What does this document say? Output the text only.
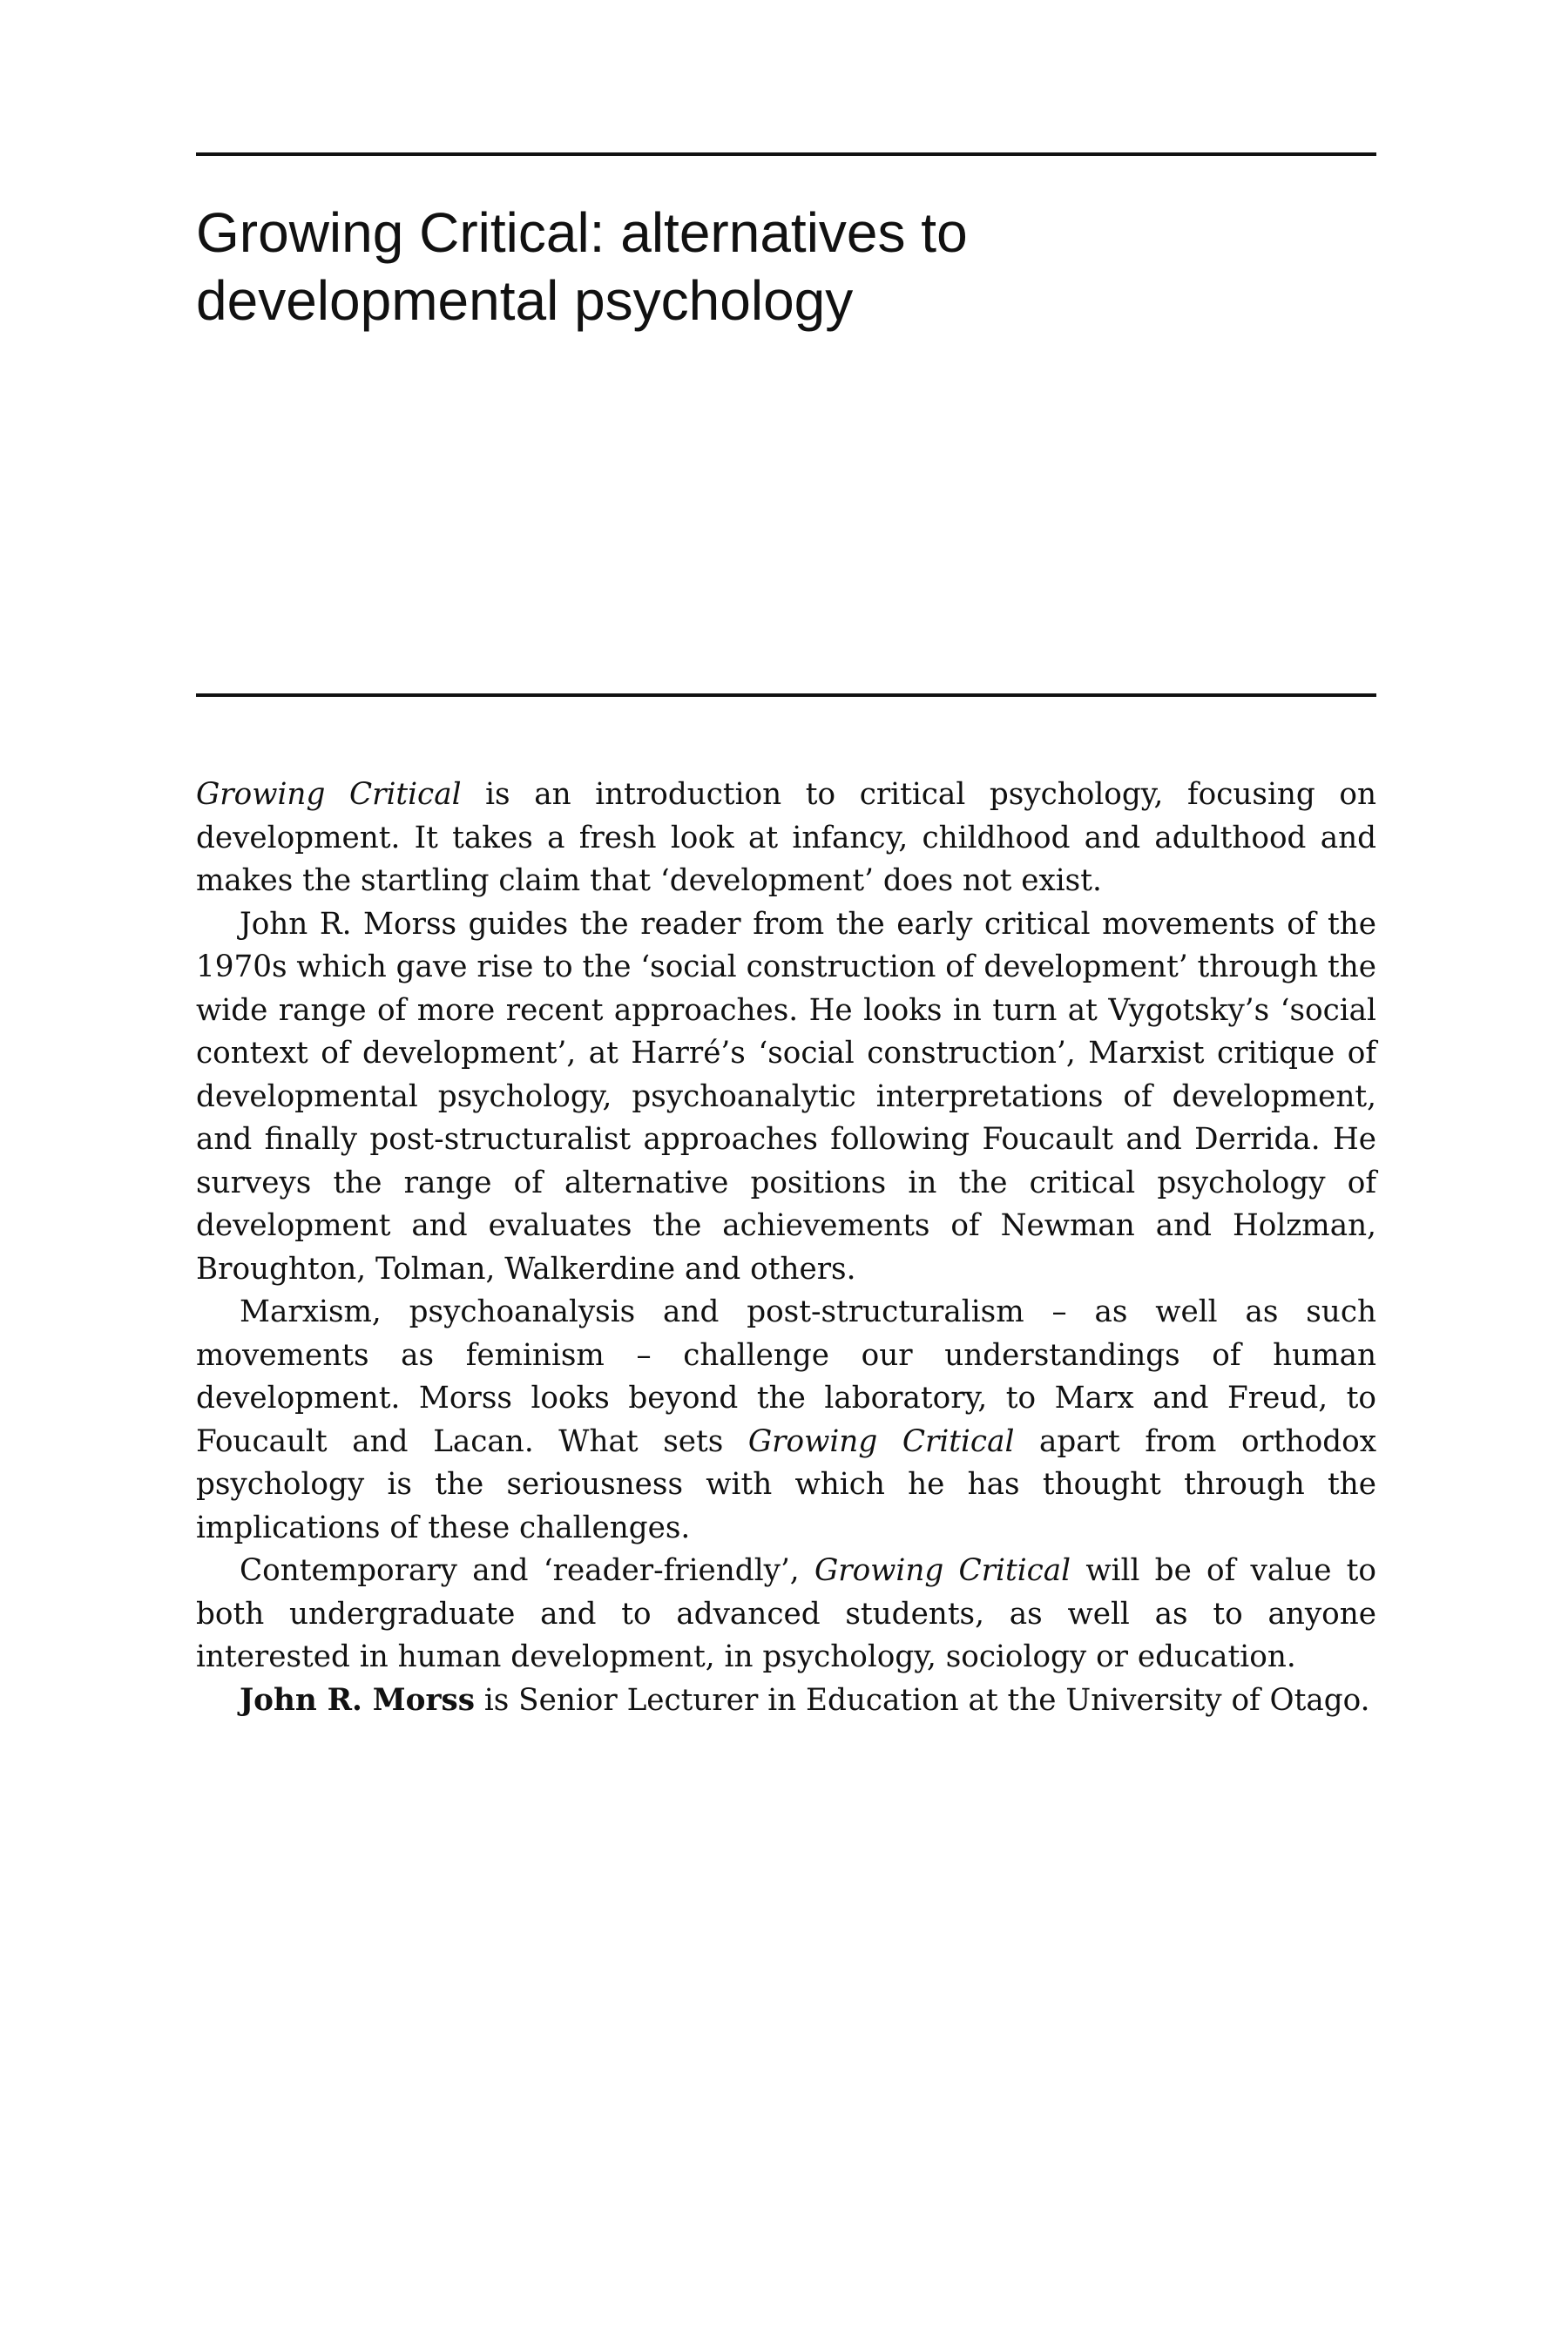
Growing Critical: alternatives to
developmental psychology

Growing Critical is an introduction to critical psychology, focusing on development. It takes a fresh look at infancy, childhood and adulthood and makes the startling claim that ‘development’ does not exist.

John R. Morss guides the reader from the early critical movements of the 1970s which gave rise to the ‘social construction of development’ through the wide range of more recent approaches. He looks in turn at Vygotsky’s ‘social context of development’, at Harré’s ‘social construction’, Marxist critique of developmental psychology, psychoanalytic interpretations of development, and finally post-structuralist approaches following Foucault and Derrida. He surveys the range of alternative positions in the critical psychology of development and evaluates the achievements of Newman and Holzman, Broughton, Tolman, Walkerdine and others.

Marxism, psychoanalysis and post-structuralism – as well as such movements as feminism – challenge our understandings of human development. Morss looks beyond the laboratory, to Marx and Freud, to Foucault and Lacan. What sets Growing Critical apart from orthodox psychology is the seriousness with which he has thought through the implications of these challenges.

Contemporary and ‘reader-friendly’, Growing Critical will be of value to both undergraduate and to advanced students, as well as to anyone interested in human development, in psychology, sociology or education.

John R. Morss is Senior Lecturer in Education at the University of Otago.
